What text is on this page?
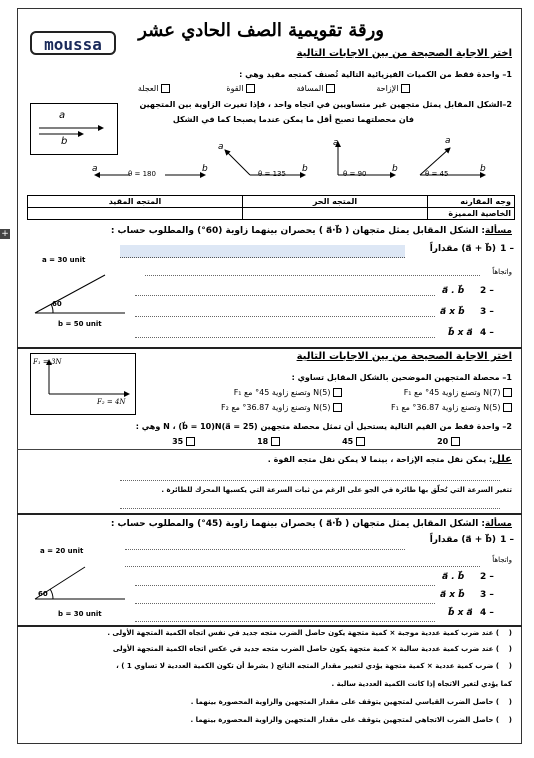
+
moussa
ورقة تقويمية الصف الحادي عشر
اختر الاجابة الصحيحة من بين الاجابات التالية
1– واحدة فقط من الكميات الفيزيائية التالية تُصنف كمتجه مقيد وهي :
الإزاحة
المسافة
القوة
العجلة
2–الشكل المقابل يمثل متجهين غير متساويين في اتجاه واحد ، فإذا تغيرت الزاوية بين المتجهين
فان محصلتهما تصبح أقل ما يمكن عندما يصبحا كما في الشكل
a
b
θ = 180	θ = 135	θ = 90	θ = 45
a	b
a
b
a
b
a
b
وجه المقارنه	المتجه الحر	المتجه المقيد
الخاصية المميزة		
مسألة: الشكل المقابل يمثل متجهان ( a⃗·b⃗ ) يحصران بينهما زاوية (60°) والمطلوب حساب :
a = 30 unit
60
b = 50 unit
(a⃗ + b⃗) مقداراً 1 –
واتجاهاً
a⃗ . b⃗ 2 –
a⃗ x b⃗ 3 –
b⃗ x a⃗ 4 –
اختر الاجابة الصحيحة من بين الاجابات التالية
F₁ = 3N
F₂ = 4N
1– محصلة المتجهين الموضحين بالشكل المقابل تساوي :
N(7) وتصنع زاوية 45° مع F₁
N(5) وتصنع زاوية 45° مع F₁
N(5) وتصنع زاوية 36.87° مع F₁
N(5) وتصنع زاوية 36.87° مع F₂
2– واحدة فقط من القيم التالية يستحيل أن تمثل محصلة متجهين (a⃗ = 25)N ، (b⃗ = 10)N وهي :
20
45
18
35
علل: يمكن نقل متجه الإزاحة ، بينما لا يمكن نقل متجه القوة .
تتغير السرعة التي تُحلّق بها طائرة في الجو على الرغم من ثبات السرعة التي يكسبها المحرك للطائرة .
مسألة: الشكل المقابل يمثل متجهان ( a⃗·b⃗ ) يحصران بينهما زاوية (45°) والمطلوب حساب :
a = 20 unit
60
b = 30 unit
(a⃗ + b⃗) مقداراً 1 –
واتجاهاً
a⃗ . b⃗ 2 –
a⃗ x b⃗ 3 –
b⃗ x a⃗ 4 –
(    ) عند ضرب كمية عددية موجبة × كمية متجهة يكون حاصل الضرب متجه جديد في نفس اتجاه الكمية المتجهة الأولى .
(    ) عند ضرب كمية عددية سالبة × كمية متجهة يكون حاصل الضرب متجه جديد في عكس اتجاه الكمية المتجهة الأولى
(    ) ضرب كمية عددية × كمية متجهة يؤدي لتغيير مقدار المتجه الناتج ( بشرط أن تكون الكمية العددية لا تساوي 1 ) ،
كما يؤدي لتغير الاتجاه إذا كانت الكمية العددية سالبة .
(    ) حاصل الضرب القياسي لمتجهين يتوقف على مقدار المتجهين والزاوية المحصورة بينهما .
(    ) حاصل الضرب الاتجاهي لمتجهين يتوقف على مقدار المتجهين والزاوية المحصورة بينهما .
